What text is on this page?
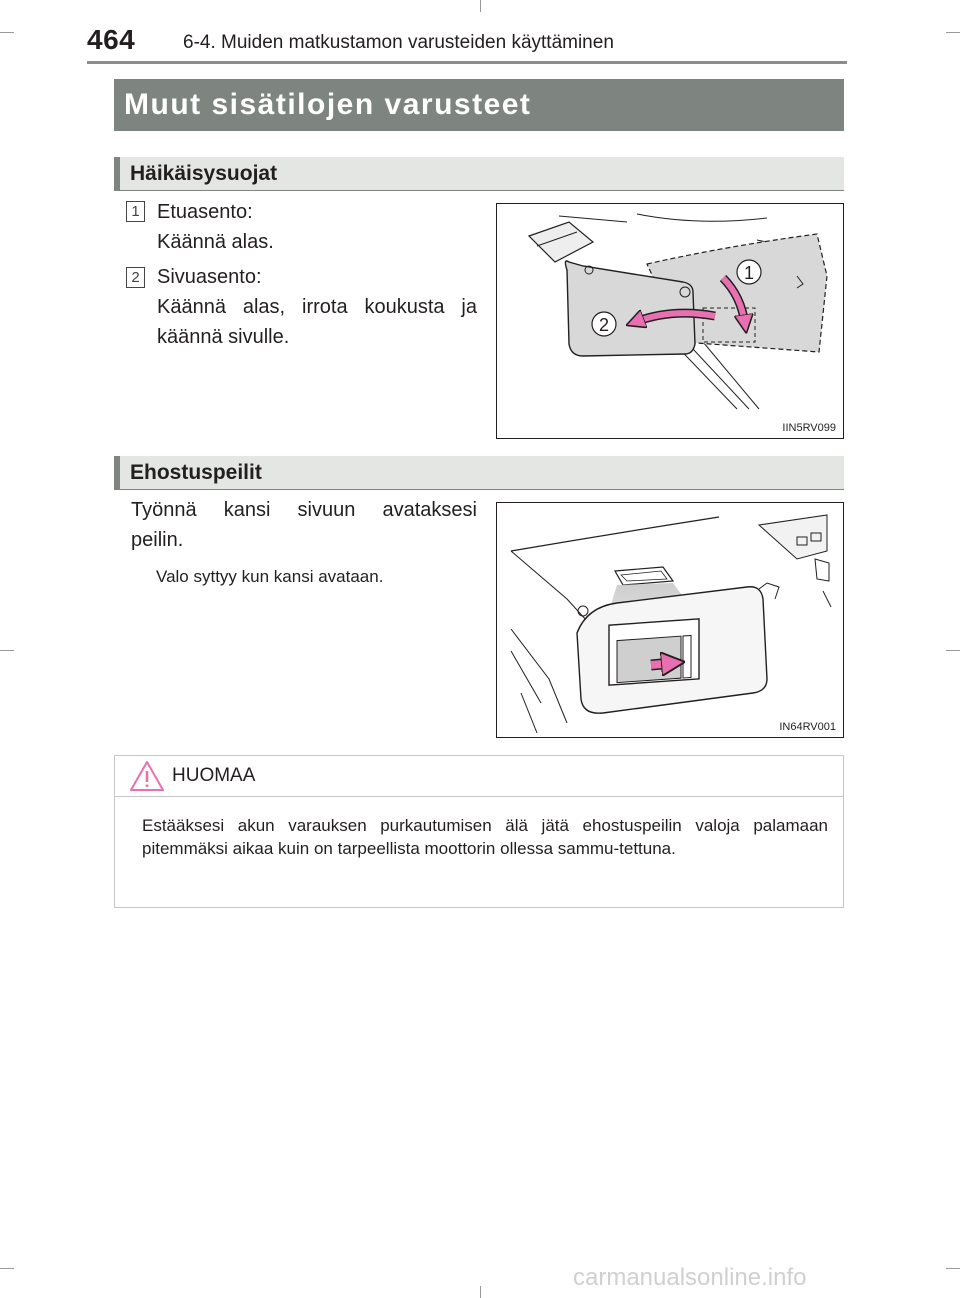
464	6-4. Muiden matkustamon varusteiden käyttäminen
Muut sisätilojen varusteet
Häikäisysuojat
1 Etuasento:
Käännä alas.
2 Sivuasento:
Käännä alas, irrota koukusta ja
käännä sivulle.
1
2
IIN5RV099
Ehostuspeilit
Työnnä kansi sivuun avataksesi
peilin.
Valo syttyy kun kansi avataan.
IN64RV001
HUOMAA
Estääksesi akun varauksen purkautumisen älä jätä ehostuspeilin valoja palamaan pitemmäksi aikaa kuin on tarpeellista moottorin ollessa sammu-tettuna.
carmanualsonline.info
